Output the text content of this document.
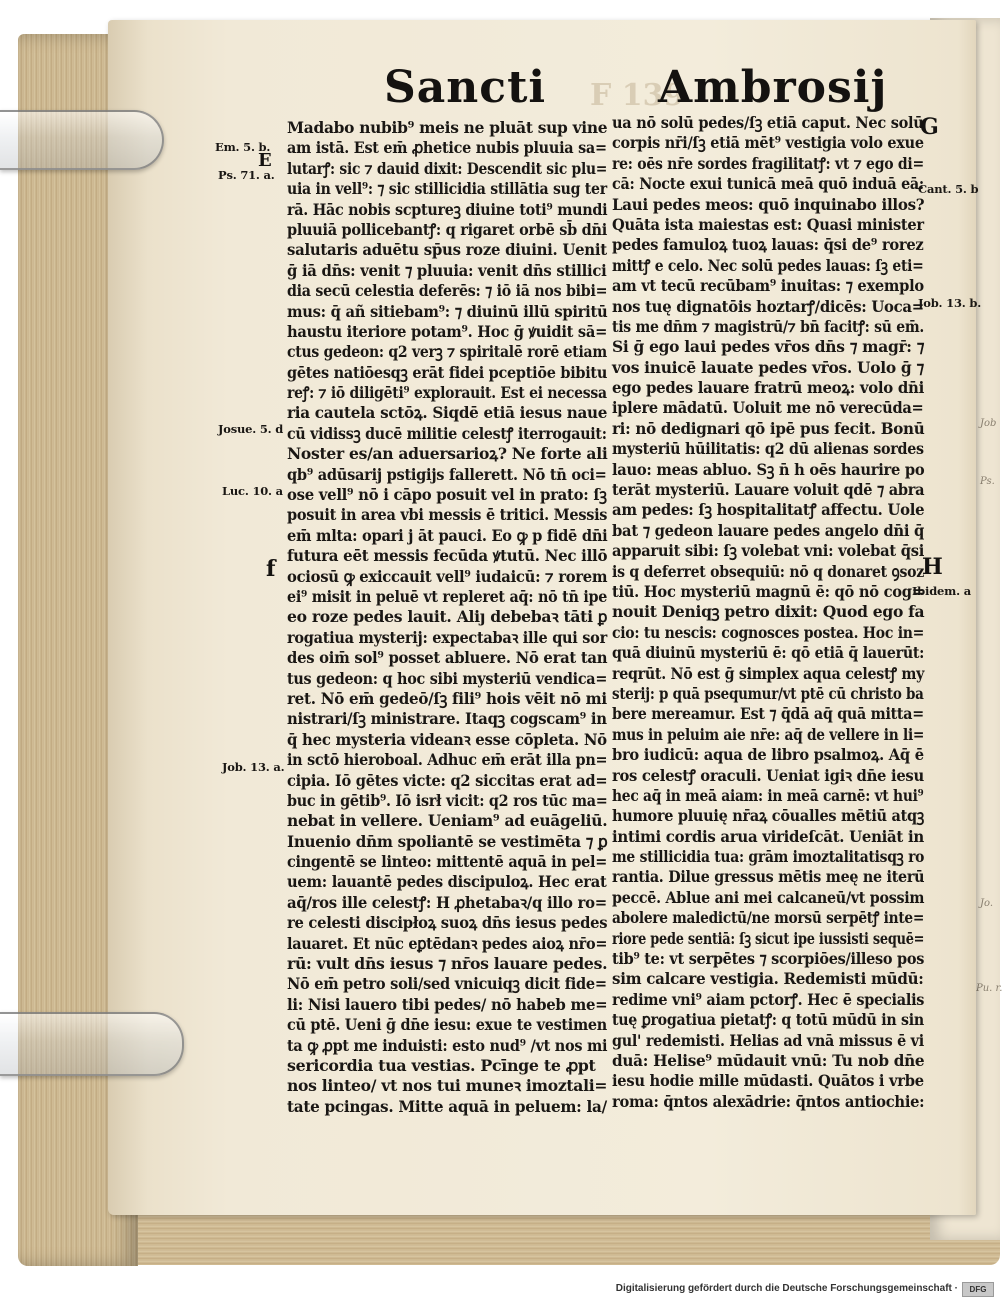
Job
Ps.
Jo.
Pu. r.
F 139
Sancti	Ambrosij
Madabo nubib⁹ meis ne pluāt sup vine
am istā. Est em̄ ꝓhetice nubis pluuia sa=
lutarꝭ: sic ⁊ dauid dixit: Descendit sic plu=
uia in vell⁹: ⁊ sic stillicidia stillātia sug ter
rā. Hāc nobis scptureꝫ diuine toti⁹ mundi
pluuiā pollicebantꝭ: q rigaret orbē sb̄ dn̄i
salutaris aduētu sp̄us roze diuini. Uenit
ḡ iā dn̄s: venit ⁊ pluuia: venit dn̄s stillici
dia secū celestia deferēs: ⁊ iō iā nos bibi=
mus: q̄ añ sitiebam⁹: ⁊ diuinū illū spiritū
haustu iteriore potam⁹. Hoc ḡ ꝟuidit sā=
ctus gedeon: q2 verꝫ ⁊ spiritalē rorē etiam
gētes natiōesqꝫ erāt fidei pceptiōe bibitu
reꝭ: ⁊ iō diligēti⁹ explorauit. Est ei necessa
ria cautela sctōꝝ. Siqdē etiā iesus naue
cū vidissꝫ ducē militie celestꝭ iterrogauit:
Noster es/an aduersarioꝝ? Ne forte ali
qb⁹ adūsarij pstigijs fallerett. Nō tn̄ oci=
ose vell⁹ nō i cāpo posuit vel in prato: ſꝫ
posuit in area vbi messis ē tritici. Messis
em̄ mlta: opari j āt pauci. Eo ꝙ p fidē dn̄i
futura eēt messis fecūda ꝟtutū. Nec illō
ociosū ꝙ exiccauit vell⁹ iudaicū: ⁊ rorem
ei⁹ misit in peluē vt repleret aq̄: nō tn̄ ipe
eo roze pedes lauit. Aliȷ debebaꝛ tāti ꝑ
rogatiua mysterij: expectabaꝛ ille qui sor
des oim̄ sol⁹ posset abluere. Nō erat tan
tus gedeon: q hoc sibi mysteriū vendica=
ret. Nō em̄ gedeō/ſꝫ fili⁹ hois vēit nō mi
nistrari/ſꝫ ministrare. Itaqꝫ cogscam⁹ in
q̄ hec mysteria videanꝛ esse cōpleta. Nō
in sctō hieroboal. Adhuc em̄ erāt illa pn=
cipia. Iō gētes victe: q2 siccitas erat ad=
buc in gētib⁹. Iō isrł vicit: q2 ros tūc ma=
nebat in vellere. Ueniam⁹ ad euāgeliū.
Inuenio dn̄m spoliantē se vestimēta ⁊ ꝑ
cingentē se linteo: mittentē aquā in pel=
uem: lauantē pedes discipuloꝝ. Hec erat
aq̄/ros ille celestꝭ: H ꝓhetabaꝛ/q illo ro=
re celesti discipłoꝝ suoꝝ dn̄s iesus pedes
lauaret. Et nūc eꝑtēdanꝛ pedes aioꝝ nr̄o=
rū: vult dn̄s iesus ⁊ nr̄os lauare pedes.
Nō em̄ petro soli/sed vnicuiqꝫ dicit fide=
li: Nisi lauero tibi pedes/ nō habeb me=
cū ptē. Ueni ḡ dn̄e iesu: exue te vestimen
ta ꝙ ꝓpt me induisti: esto nud⁹ /vt nos mi
sericordia tua vestias. Pcīnge te ꝓpt
nos linteo/ vt nos tui muneꝛ imoztali=
tate pcingas. Mitte aquā in peluem: la/
ua nō solū pedes/ſꝫ etiā caput. Nec solū
corpis nr̄i/ſꝫ etiā mēt⁹ vestigia volo exue
re: oēs nr̄e sordes fragilitatꝭ: vt ⁊ ego di=
cā: Nocte exui tunicā meā quō induā eā:
Laui pedes meos: quō inquinabo illos?
Quāta ista maiestas est: Quasi minister
pedes famuloꝝ tuoꝝ lauas: q̄si de⁹ rorez
mittꝭ e celo. Nec solū pedes lauas: ſꝫ eti=
am vt tecū recūbam⁹ inuitas: ⁊ exemplo
nos tuę dignatōis hoztarꝭ/dicēs: Uoca=
tis me dn̄m ⁊ magistrū/⁊ bn̄ facitꝭ: sū em̄.
Si ḡ ego laui pedes vr̄os dn̄s ⁊ magr̄: ⁊
vos inuicē lauate pedes vr̄os. Uolo ḡ ⁊
ego pedes lauare fratrū meoꝝ: volo dn̄i
iplere mādatū. Uoluit me nō verecūda=
ri: nō dedignari qō ipē pus fecit. Bonū
mysteriū hūilitatis: q2 dū alienas sordes
lauo: meas abluo. Sꝫ n̄ h oēs haurire po
terāt mysteriū. Lauare voluit qdē ⁊ abra
am pedes: ſꝫ hospitalitatꝭ affectu. Uole
bat ⁊ gedeon lauare pedes angelo dn̄i q̄
apparuit sibi: ſꝫ volebat vni: volebat q̄si
is q deferret obsequiū: nō q donaret ꝯsoz
tiū. Hoc mysteriū magnū ē: qō nō cog=
nouit Deniqꝫ petro dixit: Quod ego fa
cio: tu nescis: cognosces postea. Hoc in=
quā diuinū mysteriū ē: qō etiā q̄ lauerūt:
reqrūt. Nō est ḡ simplex aqua celestꝭ my
sterij: p quā psequmur/vt ptē cū christo ba
bere mereamur. Est ⁊ q̄dā aq̄ quā mitta=
mus in peluim aie nr̄e: aq̄ de vellere in li=
bro iudicū: aqua de libro psalmoꝝ. Aq̄ ē
ros celestꝭ oraculi. Ueniat igiꝛ dn̄e iesu
hec aq̄ in meā aiam: in meā carnē: vt hui⁹
humore pluuię nr̄aꝝ cōualles mētiū atqꝫ
intimi cordis arua virideſcāt. Ueniāt in
me stillicidia tua: grām imoztalitatisqꝫ ro
rantia. Dilue gressus mētis meę ne iterū
peccē. Ablue ani mei calcaneū/vt possim
abolere maledictū/ne morsū serpētꝭ inte=
riore pede sentiā: ſꝫ sicut ipe iussisti sequē=
tib⁹ te: vt serpētes ⁊ scorpiōes/illeso pos
sim calcare vestigia. Redemisti mūdū:
redime vni⁹ aiam pctorꝭ. Hec ē specialis
tuę ꝑrogatiua pietatꝭ: q totū mūdū in sin
gul' redemisti. Helias ad vnā missus ē vi
duā: Helise⁹ mūdauit vnū: Tu nob dn̄e
iesu hodie mille mūdasti. Quātos i vrbe
roma: q̄ntos alexādrie: q̄ntos antiochie:
Em. 5. b.
E
Ps. 71. a.
Josue. 5. d
Luc. 10. a
f
Job. 13. a.
G
Cant. 5. b
Job. 13. b.
H
Ibidem. a
Digitalisierung gefördert durch die Deutsche Forschungsgemeinschaft ·	DFG
